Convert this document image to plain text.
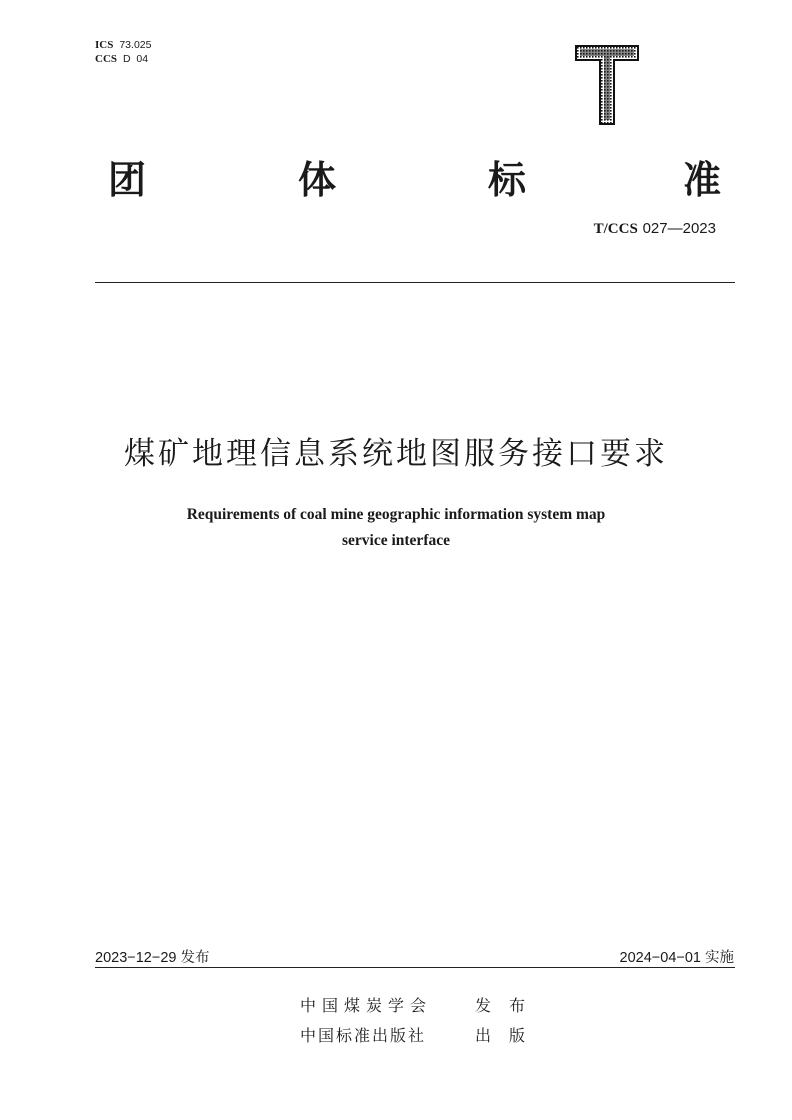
ICS 73.025
CCS D  04
团	体	标	准
T/CCS 027—2023
煤矿地理信息系统地图服务接口要求
Requirements of coal mine geographic information system map
service interface
2023−12−29 发布	2024−04−01 实施
中国煤炭学会	发布
中国标准出版社	出版
